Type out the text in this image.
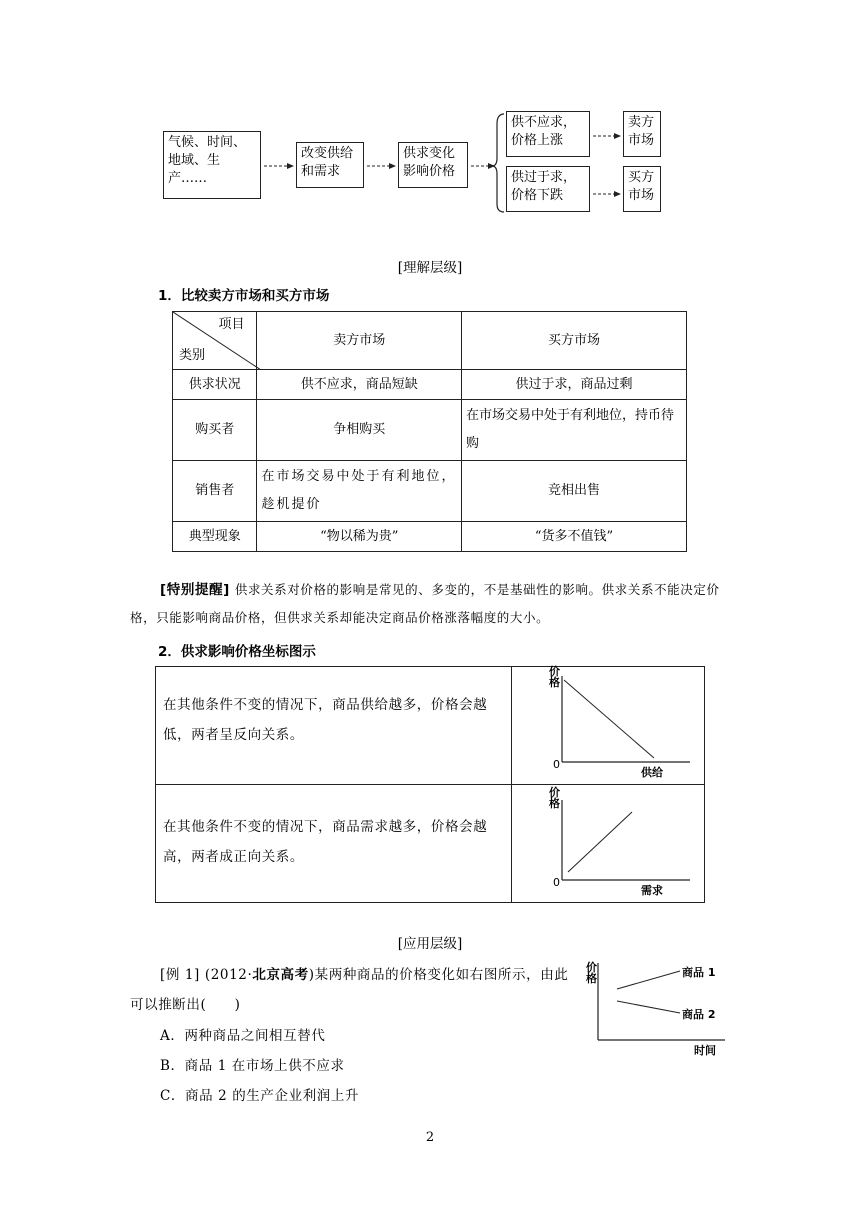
气候、时间、地域、生产……
改变供给和需求
供求变化影响价格
供不应求，价格上涨
供过于求，价格下跌
卖方市场
买方市场
[理解层级]
1．比较卖方市场和买方市场
项目
类别	卖方市场	买方市场
供求状况	供不应求，商品短缺	供过于求，商品过剩
购买者	争相购买	在市场交易中处于有利地位，持币待购
销售者	在市场交易中处于有利地位，趁机提价	竞相出售
典型现象	“物以稀为贵”	“货多不值钱”
[特别提醒] 供求关系对价格的影响是常见的、多变的，不是基础性的影响。供求关系不能决定价格，只能影响商品价格，但供求关系却能决定商品价格涨落幅度的大小。
2．供求影响价格坐标图示
在其他条件不变的情况下，商品供给越多，价格会越低，两者呈反向关系。
在其他条件不变的情况下，商品需求越多，价格会越高，两者成正向关系。
价格
0
供给
价格
0
需求
[应用层级]
[例 1] (2012·北京高考)某两种商品的价格变化如右图所示，由此可以推断出(　　)
A．两种商品之间相互替代
B．商品 1 在市场上供不应求
C．商品 2 的生产企业利润上升
价格
时间
商品 1
商品 2
2
